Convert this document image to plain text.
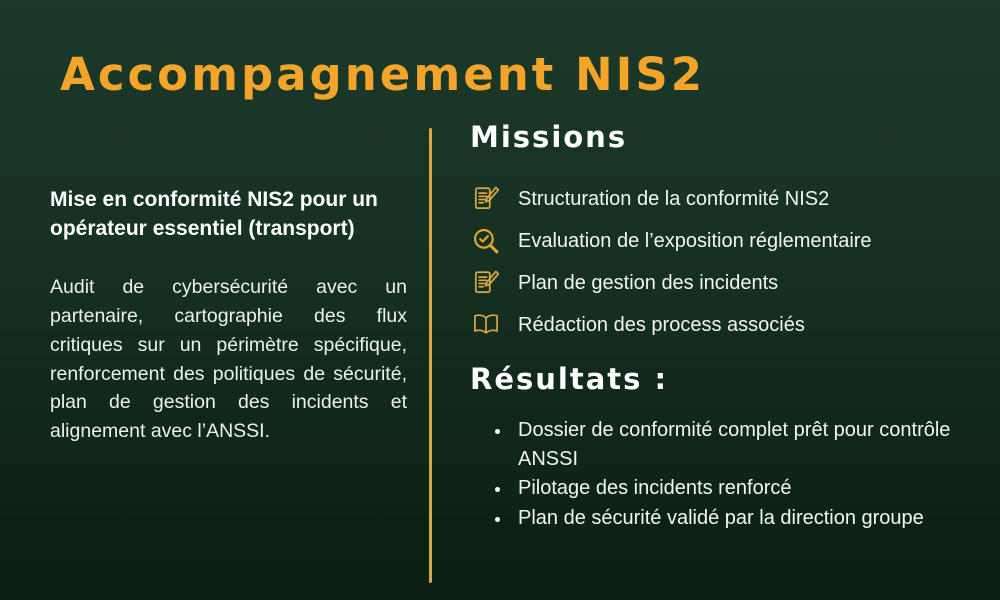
Accompagnement NIS2
Mise en conformité NIS2 pour un opérateur essentiel (transport)
Audit de cybersécurité avec un partenaire, cartographie des flux critiques sur un périmètre spécifique, renforcement des politiques de sécurité, plan de gestion des incidents et alignement avec l’ANSSI.
Missions
Structuration de la conformité NIS2
Evaluation de l’exposition réglementaire
Plan de gestion des incidents
Rédaction des process associés
Résultats :
• Dossier de conformité complet prêt pour contrôle ANSSI
• Pilotage des incidents renforcé
• Plan de sécurité validé par la direction groupe
